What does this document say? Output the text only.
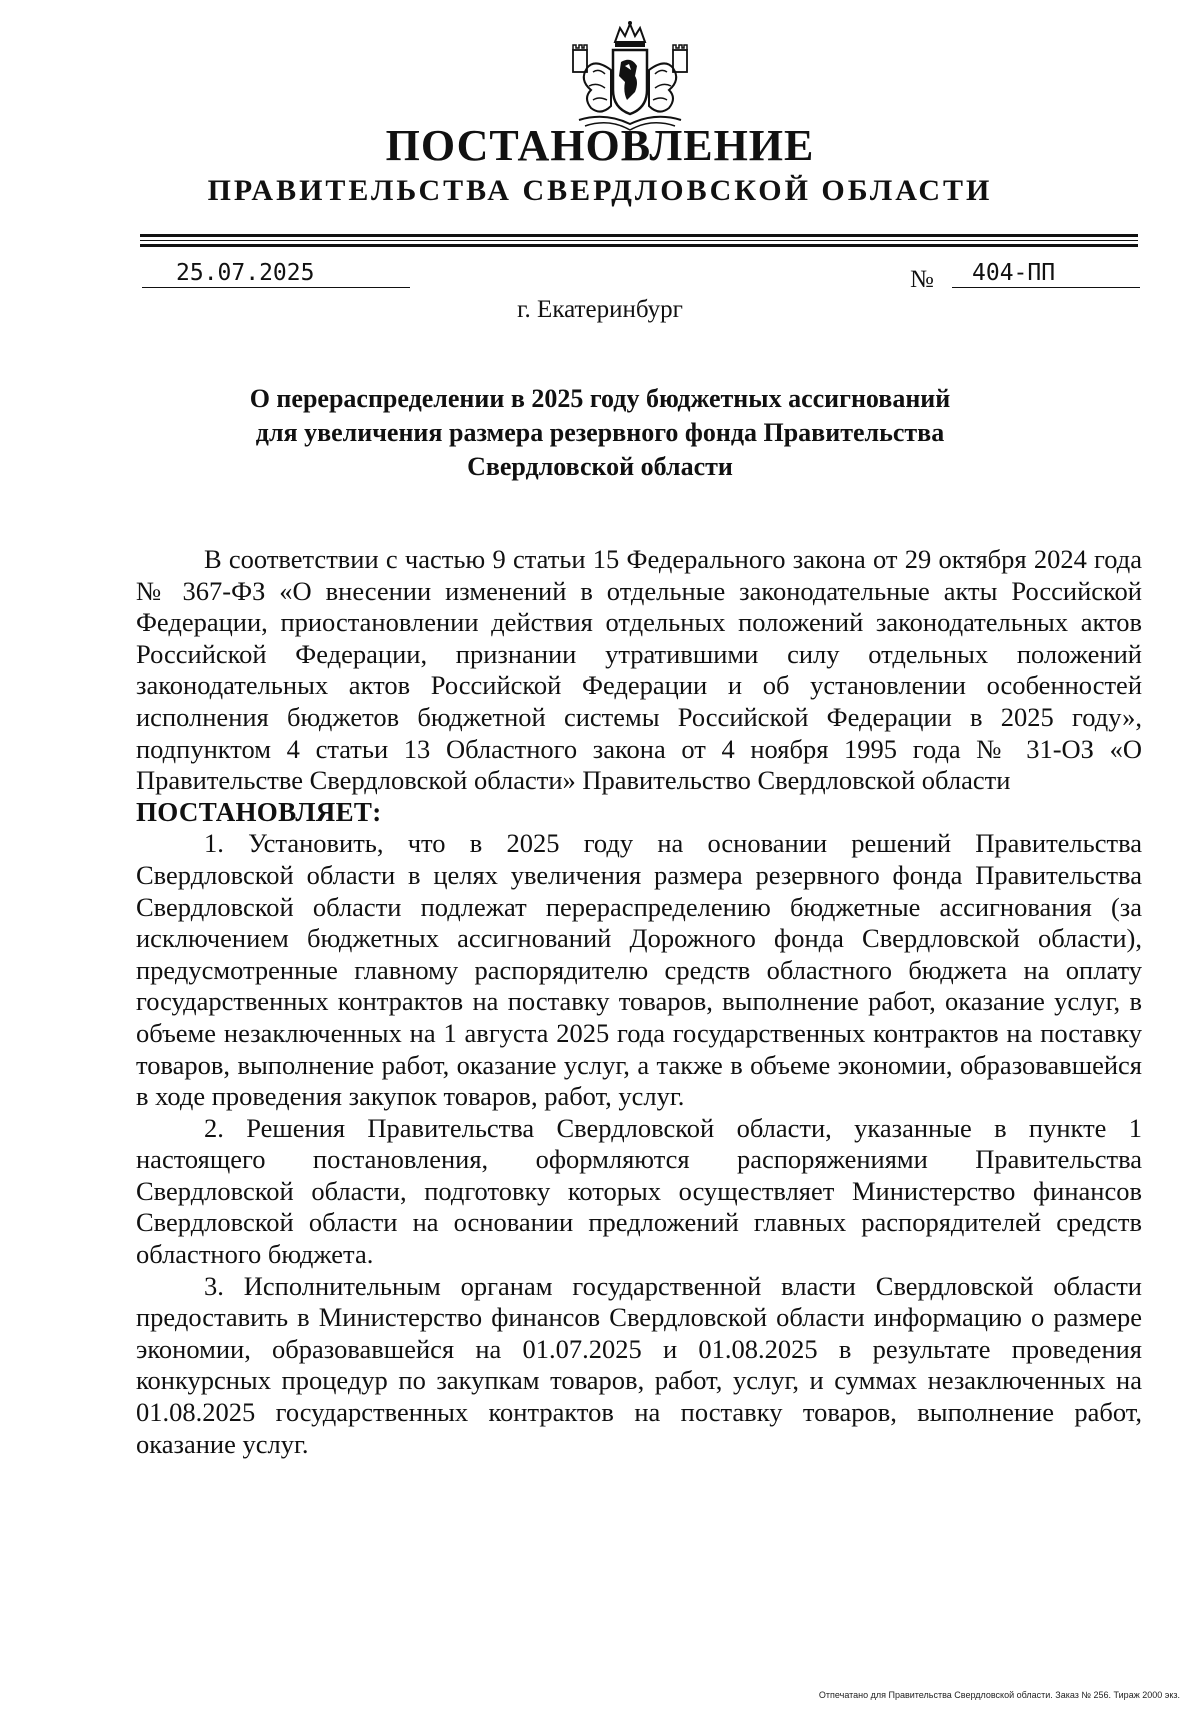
ПОСТАНОВЛЕНИЕ
ПРАВИТЕЛЬСТВА СВЕРДЛОВСКОЙ ОБЛАСТИ
25.07.2025	№	404-ПП
г. Екатеринбург
О перераспределении в 2025 году бюджетных ассигнований
для увеличения размера резервного фонда Правительства
Свердловской области

В соответствии с частью 9 статьи 15 Федерального закона от 29 октября 2024 года № 367-ФЗ «О внесении изменений в отдельные законодательные акты Российской Федерации, приостановлении действия отдельных положений законодательных актов Российской Федерации, признании утратившими силу отдельных положений законодательных актов Российской Федерации и об установлении особенностей исполнения бюджетов бюджетной системы Российской Федерации в 2025 году», подпунктом 4 статьи 13 Областного закона от 4 ноября 1995 года № 31-ОЗ «О Правительстве Свердловской области» Правительство Свердловской области

ПОСТАНОВЛЯЕТ:

1. Установить, что в 2025 году на основании решений Правительства Свердловской области в целях увеличения размера резервного фонда Правительства Свердловской области подлежат перераспределению бюджетные ассигнования (за исключением бюджетных ассигнований Дорожного фонда Свердловской области), предусмотренные главному распорядителю средств областного бюджета на оплату государственных контрактов на поставку товаров, выполнение работ, оказание услуг, в объеме незаключенных на 1 августа 2025 года государственных контрактов на поставку товаров, выполнение работ, оказание услуг, а также в объеме экономии, образовавшейся в ходе проведения закупок товаров, работ, услуг.

2. Решения Правительства Свердловской области, указанные в пункте 1 настоящего постановления, оформляются распоряжениями Правительства Свердловской области, подготовку которых осуществляет Министерство финансов Свердловской области на основании предложений главных распорядителей средств областного бюджета.

3. Исполнительным органам государственной власти Свердловской области предоставить в Министерство финансов Свердловской области информацию о размере экономии, образовавшейся на 01.07.2025 и 01.08.2025 в результате проведения конкурсных процедур по закупкам товаров, работ, услуг, и суммах незаключенных на 01.08.2025 государственных контрактов на поставку товаров, выполнение работ, оказание услуг.

Отпечатано для Правительства Свердловской области. Заказ № 256. Тираж 2000 экз.
